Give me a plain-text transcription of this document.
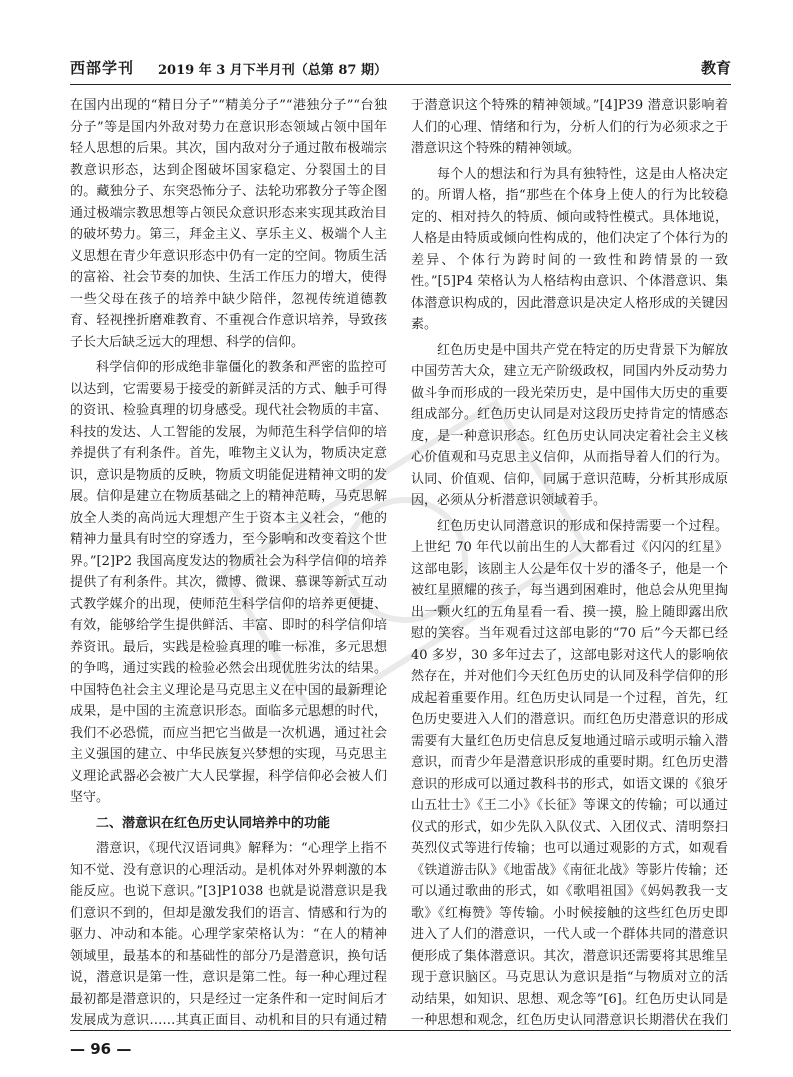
西部学刊 2019 年 3 月下半月刊（总第 87 期）	教育

在国内出现的“精日分子”“精美分子”“港独分子”“台独分子”等是国内外敌对势力在意识形态领域占领中国年轻人思想的后果。其次，国内敌对分子通过散布极端宗教意识形态，达到企图破坏国家稳定、分裂国土的目的。藏独分子、东突恐怖分子、法轮功邪教分子等企图通过极端宗教思想等占领民众意识形态来实现其政治目的破坏势力。第三，拜金主义、享乐主义、极端个人主义思想在青少年意识形态中仍有一定的空间。物质生活的富裕、社会节奏的加快、生活工作压力的增大，使得一些父母在孩子的培养中缺少陪伴，忽视传统道德教育、轻视挫折磨难教育、不重视合作意识培养，导致孩子长大后缺乏远大的理想、科学的信仰。

科学信仰的形成绝非靠僵化的教条和严密的监控可以达到，它需要易于接受的新鲜灵活的方式、触手可得的资讯、检验真理的切身感受。现代社会物质的丰富、科技的发达、人工智能的发展，为师范生科学信仰的培养提供了有利条件。首先，唯物主义认为，物质决定意识，意识是物质的反映，物质文明能促进精神文明的发展。信仰是建立在物质基础之上的精神范畴，马克思解放全人类的高尚远大理想产生于资本主义社会，“他的精神力量具有时空的穿透力，至今影响和改变着这个世界。”[2]P2 我国高度发达的物质社会为科学信仰的培养提供了有利条件。其次，微博、微课、慕课等新式互动式教学媒介的出现，使师范生科学信仰的培养更便捷、有效，能够给学生提供鲜活、丰富、即时的科学信仰培养资讯。最后，实践是检验真理的唯一标准，多元思想的争鸣，通过实践的检验必然会出现优胜劣汰的结果。中国特色社会主义理论是马克思主义在中国的最新理论成果，是中国的主流意识形态。面临多元思想的时代，我们不必恐慌，而应当把它当做是一次机遇，通过社会主义强国的建立、中华民族复兴梦想的实现，马克思主义理论武器必会被广大人民掌握，科学信仰必会被人们坚守。

二、潜意识在红色历史认同培养中的功能

潜意识，《现代汉语词典》解释为：“心理学上指不知不觉、没有意识的心理活动。是机体对外界刺激的本能反应。也说下意识。”[3]P1038 也就是说潜意识是我们意识不到的，但却是激发我们的语言、情感和行为的驱力、冲动和本能。心理学家荣格认为：“在人的精神领域里，最基本的和基础性的部分乃是潜意识，换句话说，潜意识是第一性，意识是第二性。每一种心理过程最初都是潜意识的，只是经过一定条件和一定时间后才发展成为意识……其真正面目、动机和目的只有通过精

于潜意识这个特殊的精神领域。”[4]P39 潜意识影响着人们的心理、情绪和行为，分析人们的行为必须求之于潜意识这个特殊的精神领域。

每个人的想法和行为具有独特性，这是由人格决定的。所谓人格，指“那些在个体身上使人的行为比较稳定的、相对持久的特质、倾向或特性模式。具体地说，人格是由特质或倾向性构成的，他们决定了个体行为的差异、个体行为跨时间的一致性和跨情景的一致性。”[5]P4 荣格认为人格结构由意识、个体潜意识、集体潜意识构成的，因此潜意识是决定人格形成的关键因素。

红色历史是中国共产党在特定的历史背景下为解放中国劳苦大众，建立无产阶级政权，同国内外反动势力做斗争而形成的一段光荣历史，是中国伟大历史的重要组成部分。红色历史认同是对这段历史持肯定的情感态度，是一种意识形态。红色历史认同决定着社会主义核心价值观和马克思主义信仰，从而指导着人们的行为。认同、价值观、信仰，同属于意识范畴，分析其形成原因，必须从分析潜意识领域着手。

红色历史认同潜意识的形成和保持需要一个过程。上世纪 70 年代以前出生的人大都看过《闪闪的红星》这部电影，该剧主人公是年仅十岁的潘冬子，他是一个被红星照耀的孩子，每当遇到困难时，他总会从兜里掏出一颗火红的五角星看一看、摸一摸，脸上随即露出欣慰的笑容。当年观看过这部电影的“70 后”今天都已经 40 多岁，30 多年过去了，这部电影对这代人的影响依然存在，并对他们今天红色历史的认同及科学信仰的形成起着重要作用。红色历史认同是一个过程，首先，红色历史要进入人们的潜意识。而红色历史潜意识的形成需要有大量红色历史信息反复地通过暗示或明示输入潜意识，而青少年是潜意识形成的重要时期。红色历史潜意识的形成可以通过教科书的形式，如语文课的《狼牙山五壮士》《王二小》《长征》等课文的传输；可以通过仪式的形式，如少先队入队仪式、入团仪式、清明祭扫英烈仪式等进行传输；也可以通过观影的方式，如观看《铁道游击队》《地雷战》《南征北战》等影片传输；还可以通过歌曲的形式，如《歌唱祖国》《妈妈教我一支歌》《红梅赞》等传输。小时候接触的这些红色历史即进入了人们的潜意识，一代人或一个群体共同的潜意识便形成了集体潜意识。其次，潜意识还需要将其思维呈现于意识脑区。马克思认为意识是指“与物质对立的活动结果，如知识、思想、观念等”[6]。红色历史认同是一种思想和观念，红色历史认同潜意识长期潜伏在我们

— 96 —
